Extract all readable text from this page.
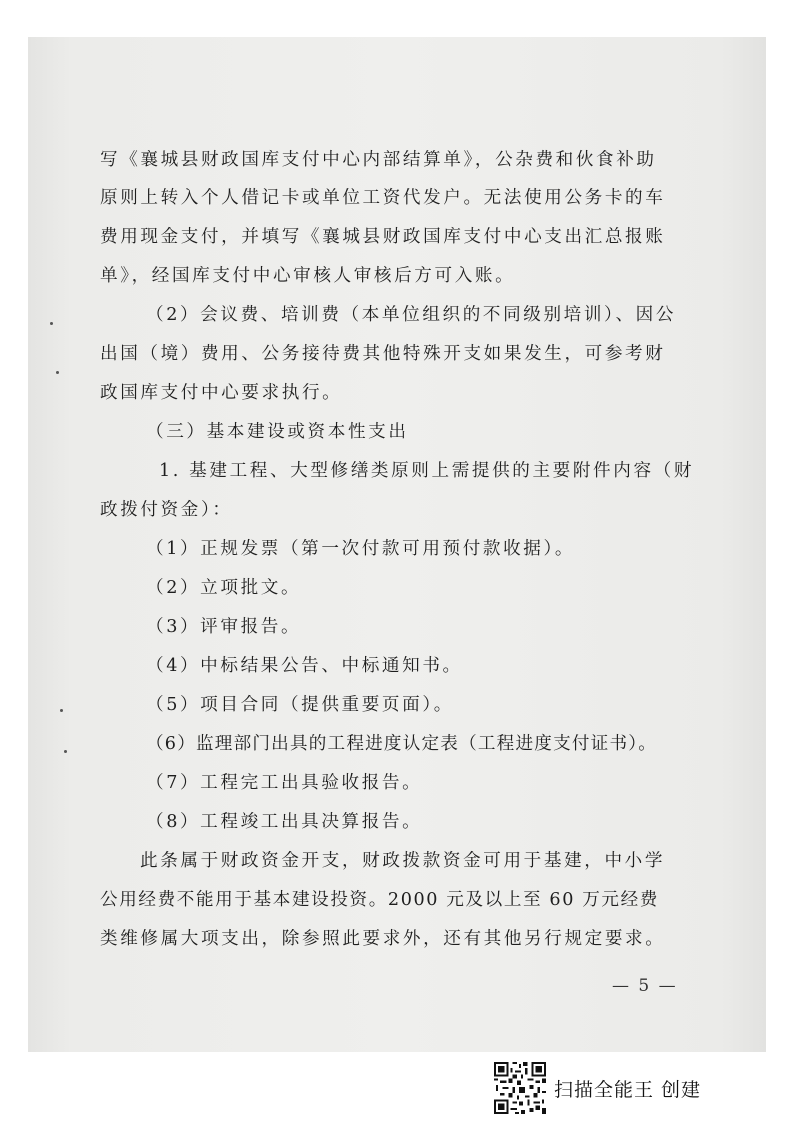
写《襄城县财政国库支付中心内部结算单》，公杂费和伙食补助
原则上转入个人借记卡或单位工资代发户。无法使用公务卡的车
费用现金支付，并填写《襄城县财政国库支付中心支出汇总报账
单》，经国库支付中心审核人审核后方可入账。
（2）会议费、培训费（本单位组织的不同级别培训）、因公
出国（境）费用、公务接待费其他特殊开支如果发生，可参考财
政国库支付中心要求执行。
（三）基本建设或资本性支出
1. 基建工程、大型修缮类原则上需提供的主要附件内容（财
政拨付资金）：
（1）正规发票（第一次付款可用预付款收据）。
（2）立项批文。
（3）评审报告。
（4）中标结果公告、中标通知书。
（5）项目合同（提供重要页面）。
（6）监理部门出具的工程进度认定表（工程进度支付证书）。
（7）工程完工出具验收报告。
（8）工程竣工出具决算报告。
此条属于财政资金开支，财政拨款资金可用于基建，中小学
公用经费不能用于基本建设投资。2000 元及以上至 60 万元经费
类维修属大项支出，除参照此要求外，还有其他另行规定要求。
— 5 —
扫描全能王 创建
